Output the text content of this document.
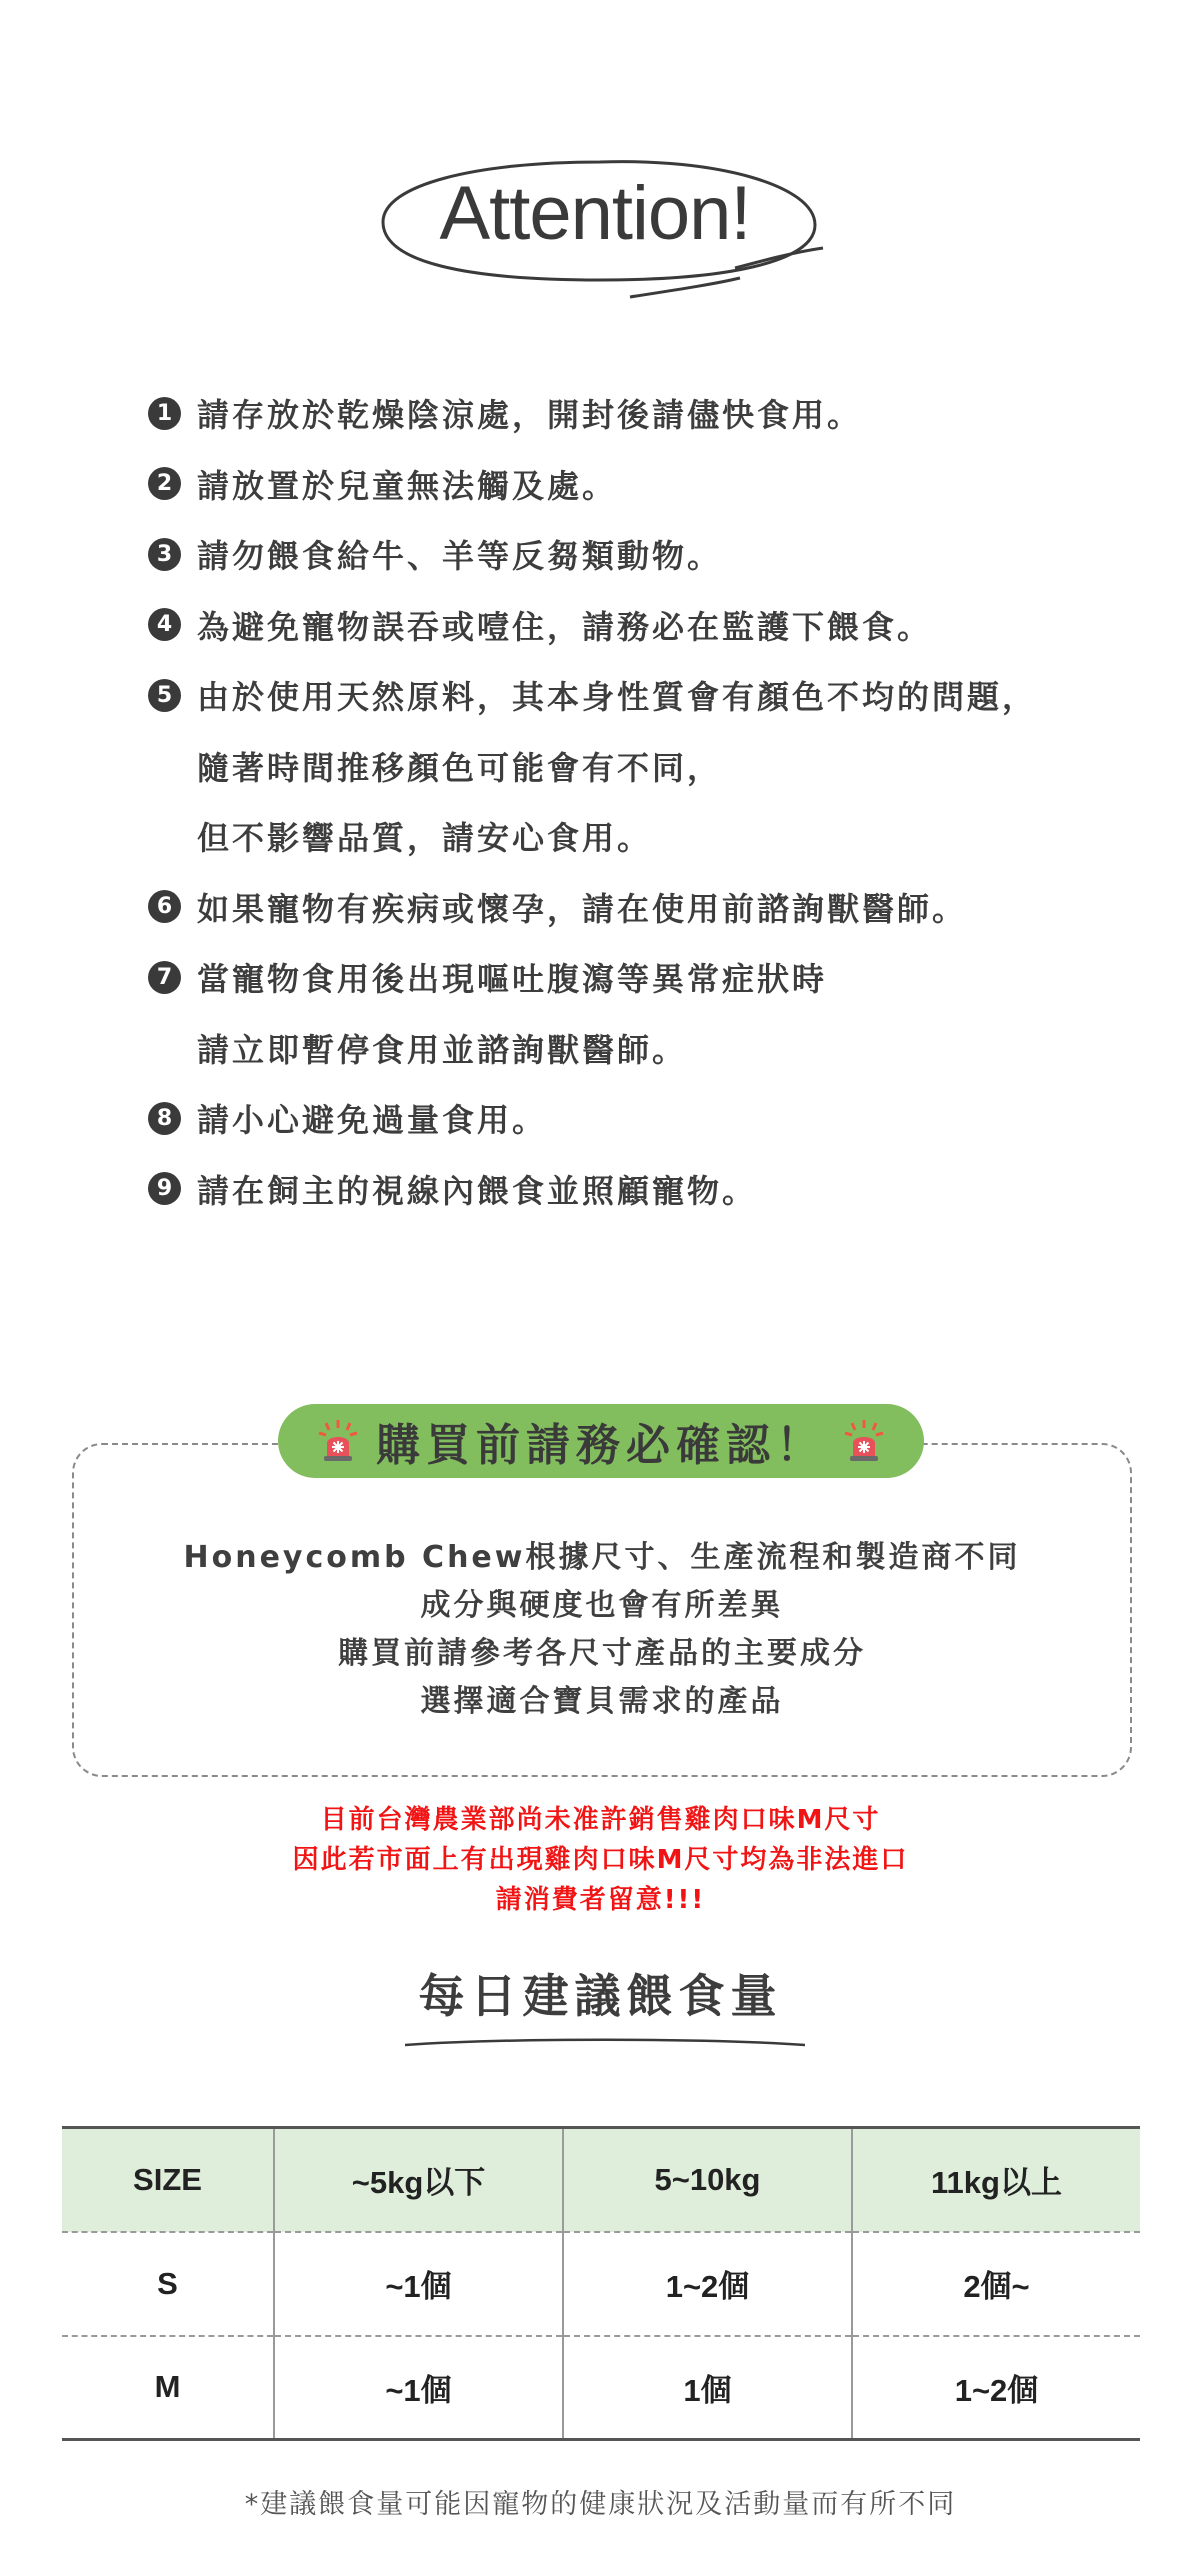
Attention!
1 請存放於乾燥陰涼處，開封後請儘快食用。
2 請放置於兒童無法觸及處。
3 請勿餵食給牛、羊等反芻類動物。
4 為避免寵物誤吞或噎住，請務必在監護下餵食。
5 由於使用天然原料，其本身性質會有顏色不均的問題，
隨著時間推移顏色可能會有不同，
但不影響品質，請安心食用。
6 如果寵物有疾病或懷孕，請在使用前諮詢獸醫師。
7 當寵物食用後出現嘔吐腹瀉等異常症狀時
請立即暫停食用並諮詢獸醫師。
8 請小心避免過量食用。
9 請在飼主的視線內餵食並照顧寵物。
購買前請務必確認！
Honeycomb Chew根據尺寸、生產流程和製造商不同
成分與硬度也會有所差異
購買前請參考各尺寸產品的主要成分
選擇適合寶貝需求的產品
目前台灣農業部尚未准許銷售雞肉口味M尺寸
因此若市面上有出現雞肉口味M尺寸均為非法進口
請消費者留意!!!
每日建議餵食量
SIZE	~5kg以下	5~10kg	11kg以上
S	~1個	1~2個	2個~
M	~1個	1個	1~2個
*建議餵食量可能因寵物的健康狀況及活動量而有所不同
